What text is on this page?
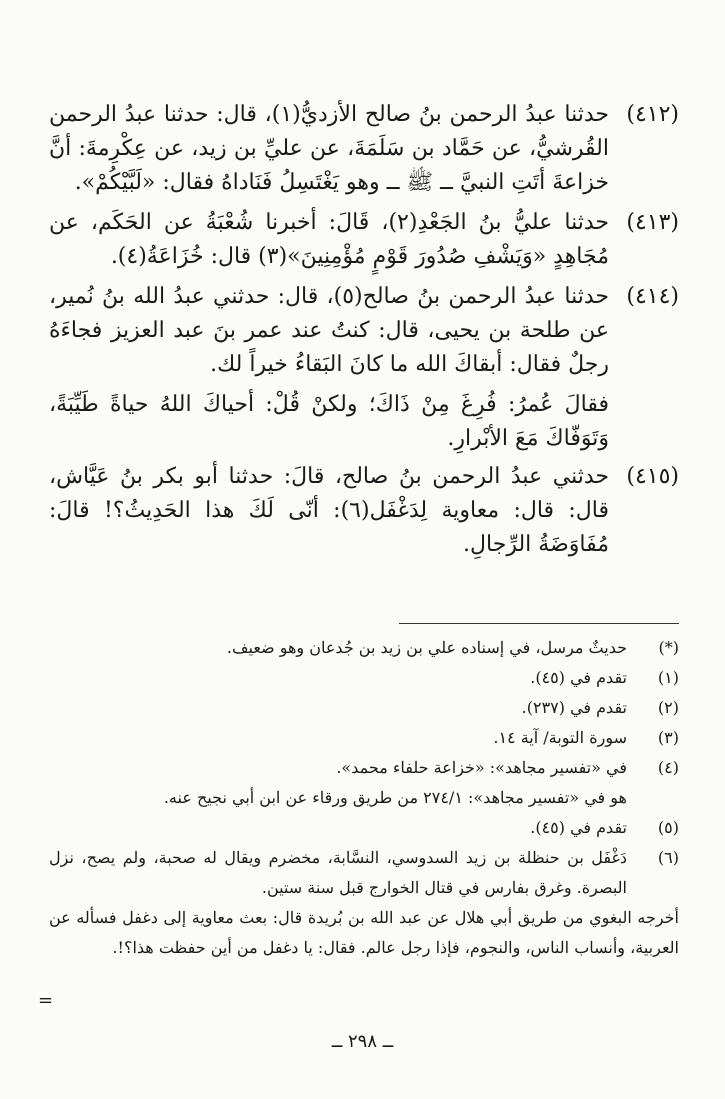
(٤١٢)
حدثنا عبدُ الرحمن بنُ صالح الأزديُّ(١)، قال: حدثنا عبدُ الرحمن القُرشيُّ، عن حَمَّاد بن سَلَمَةَ، عن عليِّ بن زيد، عن عِكْرِمةَ: أنَّ خزاعةَ أتَتِ النبيَّ ــ ﷺ ــ وهو يَغْتَسِلُ فَنَاداهُ فقال: «لَبَّيْكُمْ».
(٤١٣)
حدثنا عليُّ بنُ الجَعْدِ(٢)، قَالَ: أخبرنا شُعْبَةُ عن الحَكَم، عن مُجَاهِدٍ «وَيَشْفِ صُدُورَ قَوْمٍ مُؤْمِنِينَ»(٣) قال: خُزَاعَةُ(٤).
(٤١٤)
حدثنا عبدُ الرحمن بنُ صالح(٥)، قال: حدثني عبدُ الله بنُ نُمير، عن طلحة بن يحيى، قال: كنتُ عند عمر بنَ عبد العزيز فجاءَهُ رجلٌ فقال: أبقاكَ الله ما كانَ البَقاءُ خيراً لك.
فقالَ عُمرُ: فُرِغَ مِنْ ذَاكَ؛ ولكنْ قُلْ: أحياكَ اللهُ حياةً طَيِّبَةً، وَتَوَفّاكَ مَعَ الأبْرارِ.
(٤١٥)
حدثني عبدُ الرحمن بنُ صالح، قالَ: حدثنا أبو بكر بنُ عَيَّاش، قال: قال: معاوية لِدَغْفَل(٦): أنّى لَكَ هذا الحَدِيثُ؟! قالَ: مُفَاوَضَةُ الرِّجالِ.
(*)
حديثٌ مرسل، في إسناده علي بن زيد بن جُدعان وهو ضعيف.
(١)
تقدم في (٤٥).
(٢)
تقدم في (٢٣٧).
(٣)
سورة التوبة/ آية ١٤.
(٤)
في «تفسير مجاهد»: «خزاعة حلفاء محمد».
هو في «تفسير مجاهد»: ٢٧٤/١ من طريق ورقاء عن ابن أبي نجيح عنه.
(٥)
تقدم في (٤٥).
(٦)
دَغْفَل بن حنظلة بن زيد السدوسي، النسَّابة، مخضرم ويقال له صحبة، ولم يصح، نزل البصرة. وغرق بفارس في قتال الخوارج قبل سنة ستين.
أخرجه البغوي من طريق أبي هلال عن عبد الله بن بُريدة قال: بعث معاوية إلى دغفل فسأله عن العربية، وأنساب الناس، والنجوم، فإذا رجل عالم. فقال: يا دغفل من أين حفظت هذا؟!.
ــ ٢٩٨ ــ
=
